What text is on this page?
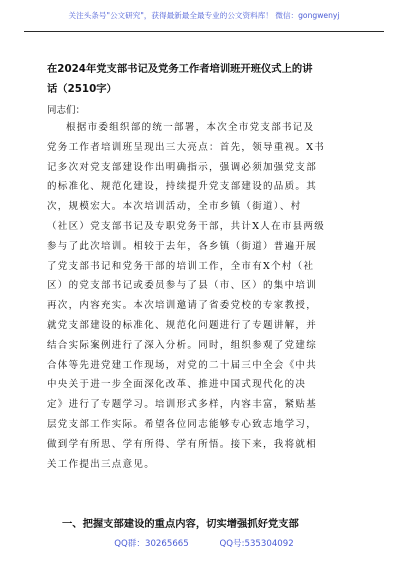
关注头条号"公文研究"，获得最新最全最专业的公文资料库！ 微信：gongwenyj
在2024年党支部书记及党务工作者培训班开班仪式上的讲
话（2510字）
同志们：
根据市委组织部的统一部署，本次全市党支部书记及
党务工作者培训班呈现出三大亮点：首先，领导重视。X书
记多次对党支部建设作出明确指示，强调必须加强党支部
的标准化、规范化建设，持续提升党支部建设的品质。其
次，规模宏大。本次培训活动，全市乡镇（街道）、村
（社区）党支部书记及专职党务干部，共计X人在市县两级
参与了此次培训。相较于去年，各乡镇（街道）普遍开展
了党支部书记和党务干部的培训工作，全市有X个村（社
区）的党支部书记或委员参与了县（市、区）的集中培训
再次，内容充实。本次培训邀请了省委党校的专家教授，
就党支部建设的标准化、规范化问题进行了专题讲解，并
结合实际案例进行了深入分析。同时，组织参观了党建综
合体等先进党建工作现场，对党的二十届三中全会《中共
中央关于进一步全面深化改革、推进中国式现代化的决
定》进行了专题学习。培训形式多样，内容丰富，紧贴基
层党支部工作实际。希望各位同志能够专心致志地学习，
做到学有所思、学有所得、学有所悟。接下来，我将就相
关工作提出三点意见。
一、把握支部建设的重点内容，切实增强抓好党支部
QQ群：30265665	QQ号:535304092
